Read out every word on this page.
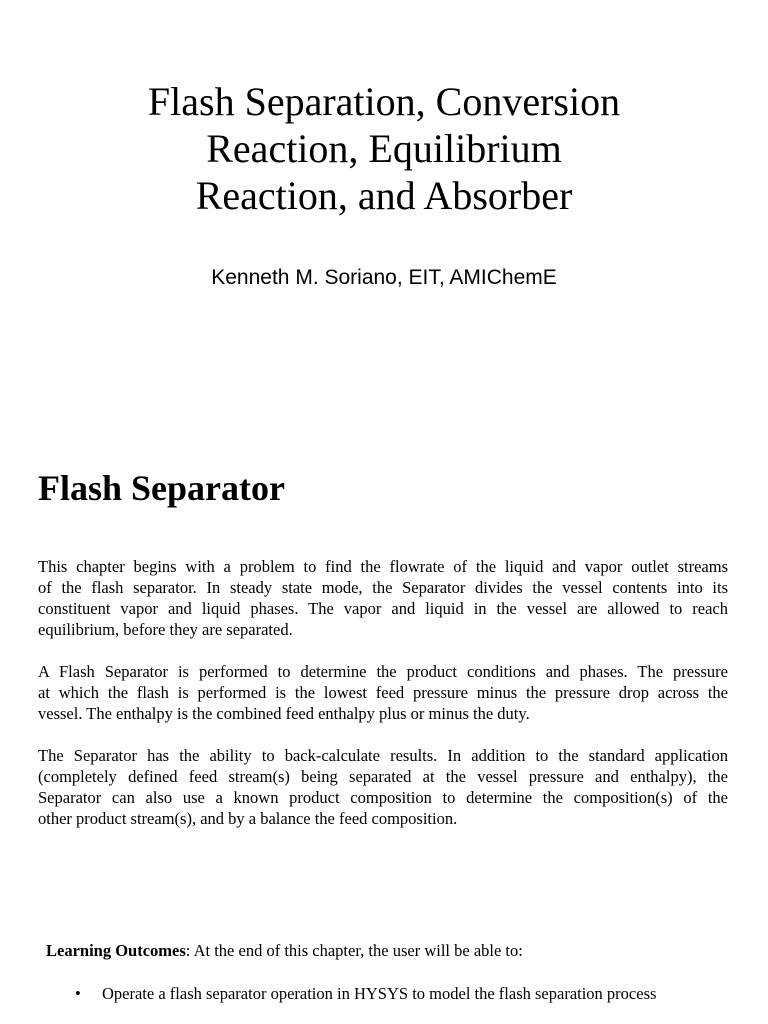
Flash Separation, Conversion
Reaction, Equilibrium
Reaction, and Absorber

Kenneth M. Soriano, EIT, AMIChemE

Flash Separator

This chapter begins with a problem to find the flowrate of the liquid and vapor outlet streams
of the flash separator. In steady state mode, the Separator divides the vessel contents into its
constituent vapor and liquid phases. The vapor and liquid in the vessel are allowed to reach
equilibrium, before they are separated.

A Flash Separator is performed to determine the product conditions and phases. The pressure
at which the flash is performed is the lowest feed pressure minus the pressure drop across the
vessel. The enthalpy is the combined feed enthalpy plus or minus the duty.

The Separator has the ability to back-calculate results. In addition to the standard application
(completely defined feed stream(s) being separated at the vessel pressure and enthalpy), the
Separator can also use a known product composition to determine the composition(s) of the
other product stream(s), and by a balance the feed composition.

Learning Outcomes: At the end of this chapter, the user will be able to:

• Operate a flash separator operation in HYSYS to model the flash separation process
